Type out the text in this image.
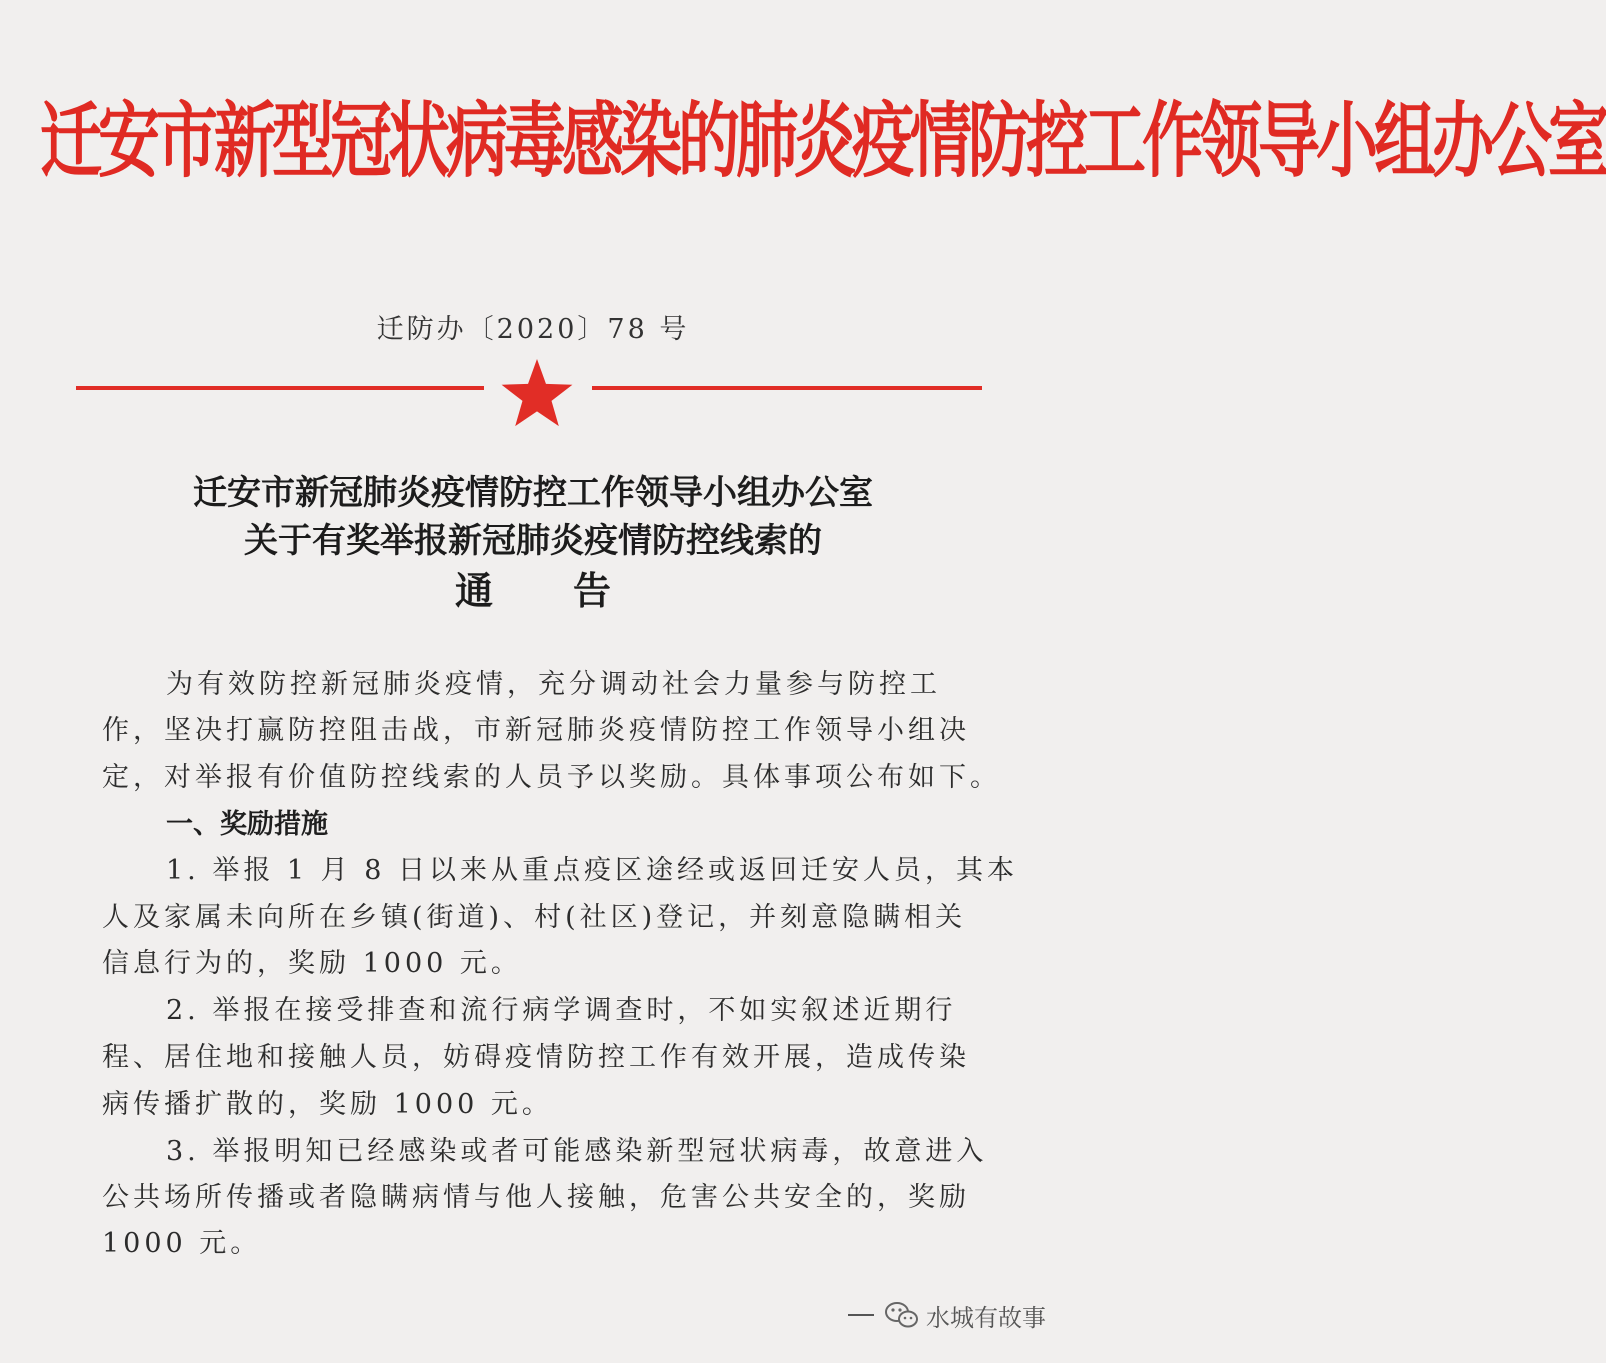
迁安市新型冠状病毒感染的肺炎疫情防控工作领导小组办公室
迁防办〔2020〕78 号
迁安市新冠肺炎疫情防控工作领导小组办公室
关于有奖举报新冠肺炎疫情防控线索的
通告
为有效防控新冠肺炎疫情，充分调动社会力量参与防控工
作，坚决打赢防控阻击战，市新冠肺炎疫情防控工作领导小组决
定，对举报有价值防控线索的人员予以奖励。具体事项公布如下。
1. 举报 1 月 8 日以来从重点疫区途经或返回迁安人员，其本
人及家属未向所在乡镇(街道)、村(社区)登记，并刻意隐瞒相关
信息行为的，奖励 1000 元。
2. 举报在接受排查和流行病学调查时，不如实叙述近期行
程、居住地和接触人员，妨碍疫情防控工作有效开展，造成传染
病传播扩散的，奖励 1000 元。
3. 举报明知已经感染或者可能感染新型冠状病毒，故意进入
公共场所传播或者隐瞒病情与他人接触，危害公共安全的，奖励
1000 元。
一、奖励措施
水城有故事
